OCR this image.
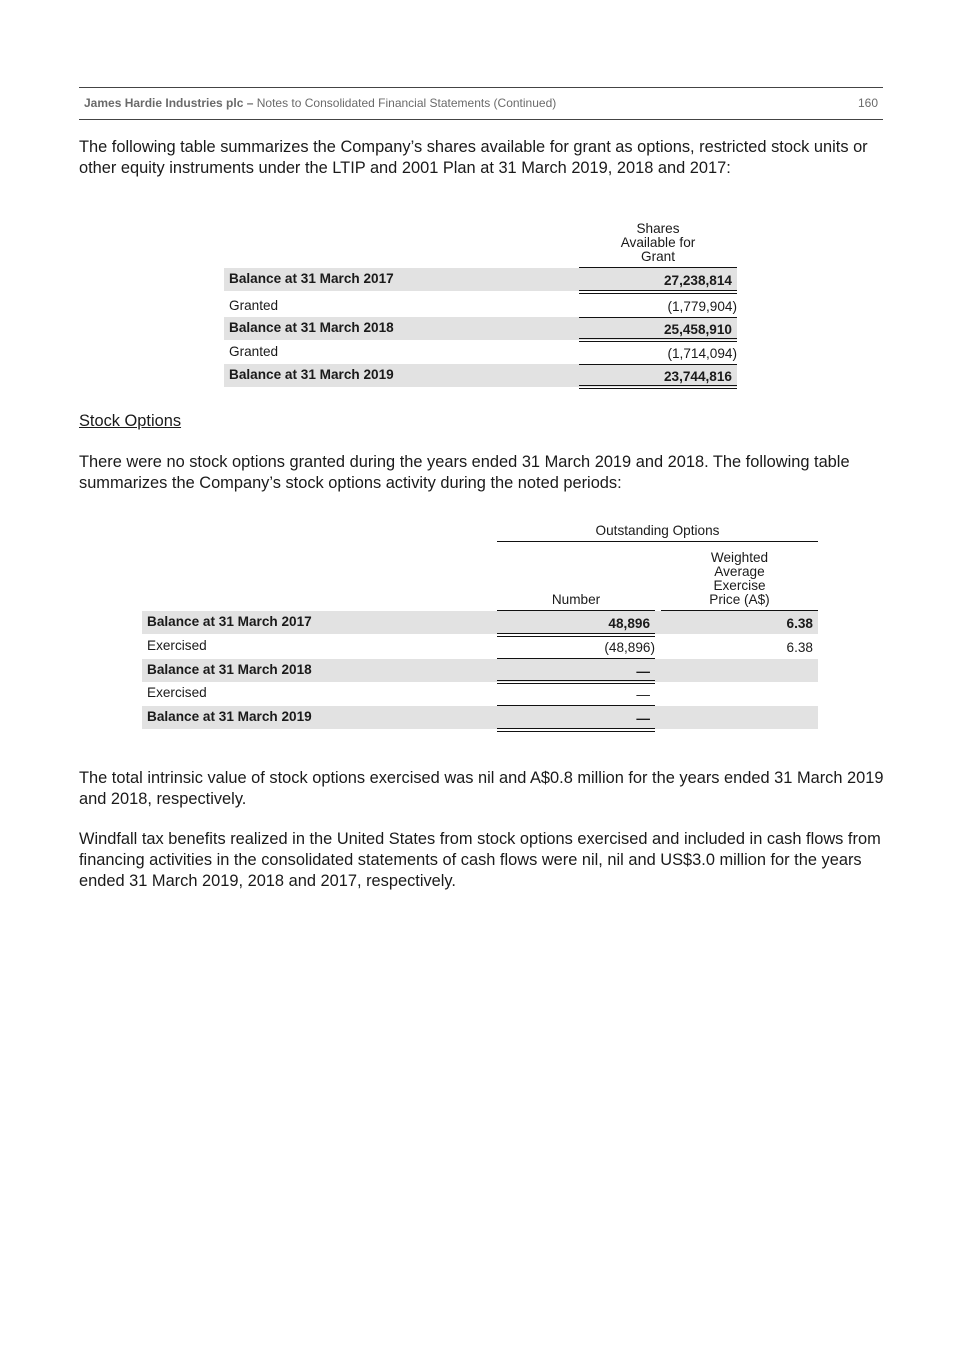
James Hardie Industries plc – Notes to Consolidated Financial Statements (Continued)	160

The following table summarizes the Company’s shares available for grant as options, restricted stock units or other equity instruments under the LTIP and 2001 Plan at 31 March 2019, 2018 and 2017:

Shares
Available for
Grant
Balance at 31 March 2017	27,238,814
Granted	(1,779,904)
Balance at 31 March 2018	25,458,910
Granted	(1,714,094)
Balance at 31 March 2019	23,744,816
Stock Options

There were no stock options granted during the years ended 31 March 2019 and 2018. The following table summarizes the Company’s stock options activity during the noted periods:

Outstanding Options
Weighted
Average
Exercise
Price (A$)
Number
Balance at 31 March 2017	48,896	6.38
Exercised	(48,896)	6.38
Balance at 31 March 2018	—
Exercised	—
Balance at 31 March 2019	—

The total intrinsic value of stock options exercised was nil and A$0.8 million for the years ended 31 March 2019 and 2018, respectively.

Windfall tax benefits realized in the United States from stock options exercised and included in cash flows from financing activities in the consolidated statements of cash flows were nil, nil and US$3.0 million for the years ended 31 March 2019, 2018 and 2017, respectively.
